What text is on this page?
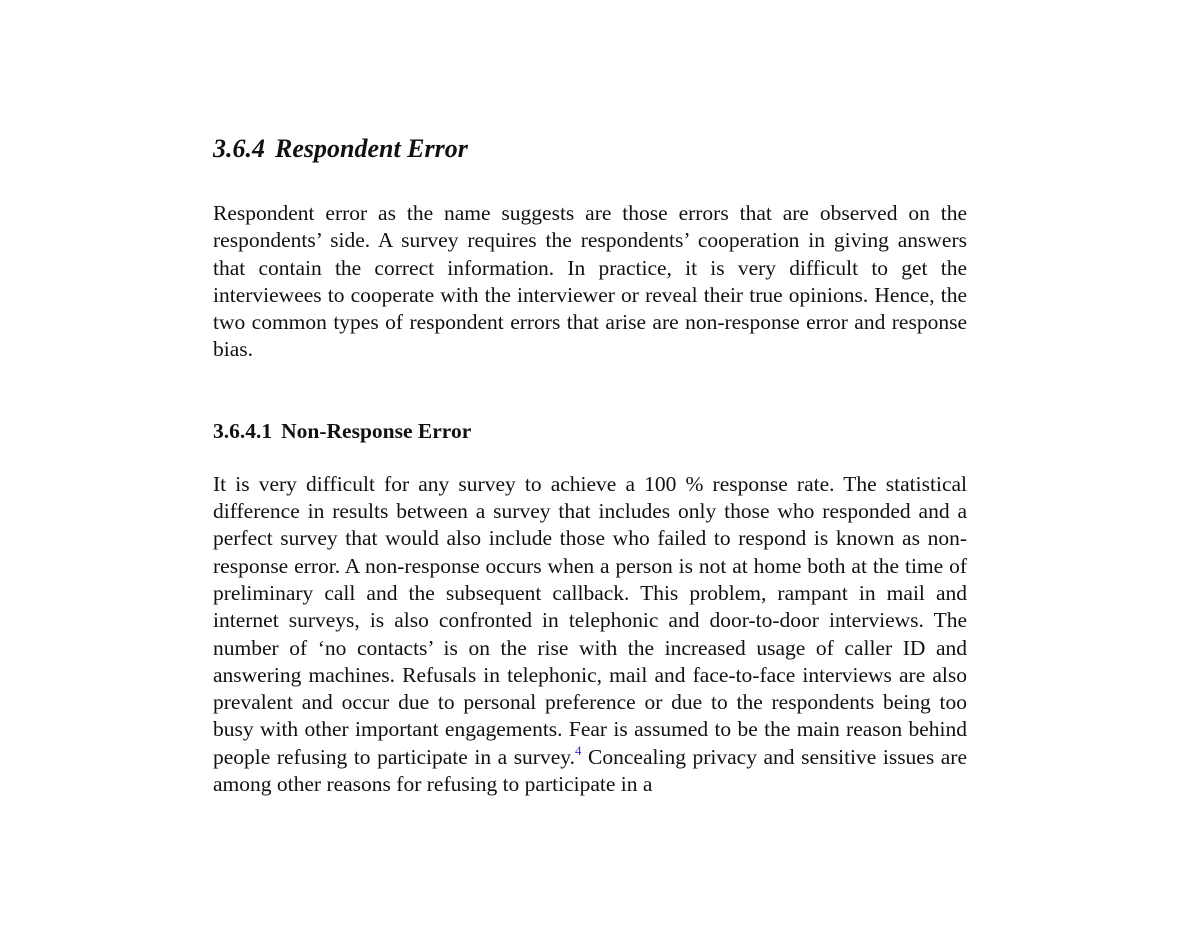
3.6.4 Respondent Error

Respondent error as the name suggests are those errors that are observed on the respondents’ side. A survey requires the respondents’ cooperation in giving answers that contain the correct information. In practice, it is very difficult to get the interviewees to cooperate with the interviewer or reveal their true opinions. Hence, the two common types of respondent errors that arise are non-response error and response bias.

3.6.4.1 Non-Response Error

It is very difficult for any survey to achieve a 100 % response rate. The statistical difference in results between a survey that includes only those who responded and a perfect survey that would also include those who failed to respond is known as non-response error. A non-response occurs when a person is not at home both at the time of preliminary call and the subsequent callback. This problem, rampant in mail and internet surveys, is also confronted in telephonic and door-to-door interviews. The number of ‘no contacts’ is on the rise with the increased usage of caller ID and answering machines. Refusals in telephonic, mail and face-to-face interviews are also prevalent and occur due to personal preference or due to the respondents being too busy with other important engagements. Fear is assumed to be the main reason behind people refusing to participate in a survey.$^4$ Concealing privacy and sensitive issues are among other reasons for refusing to participate in a
